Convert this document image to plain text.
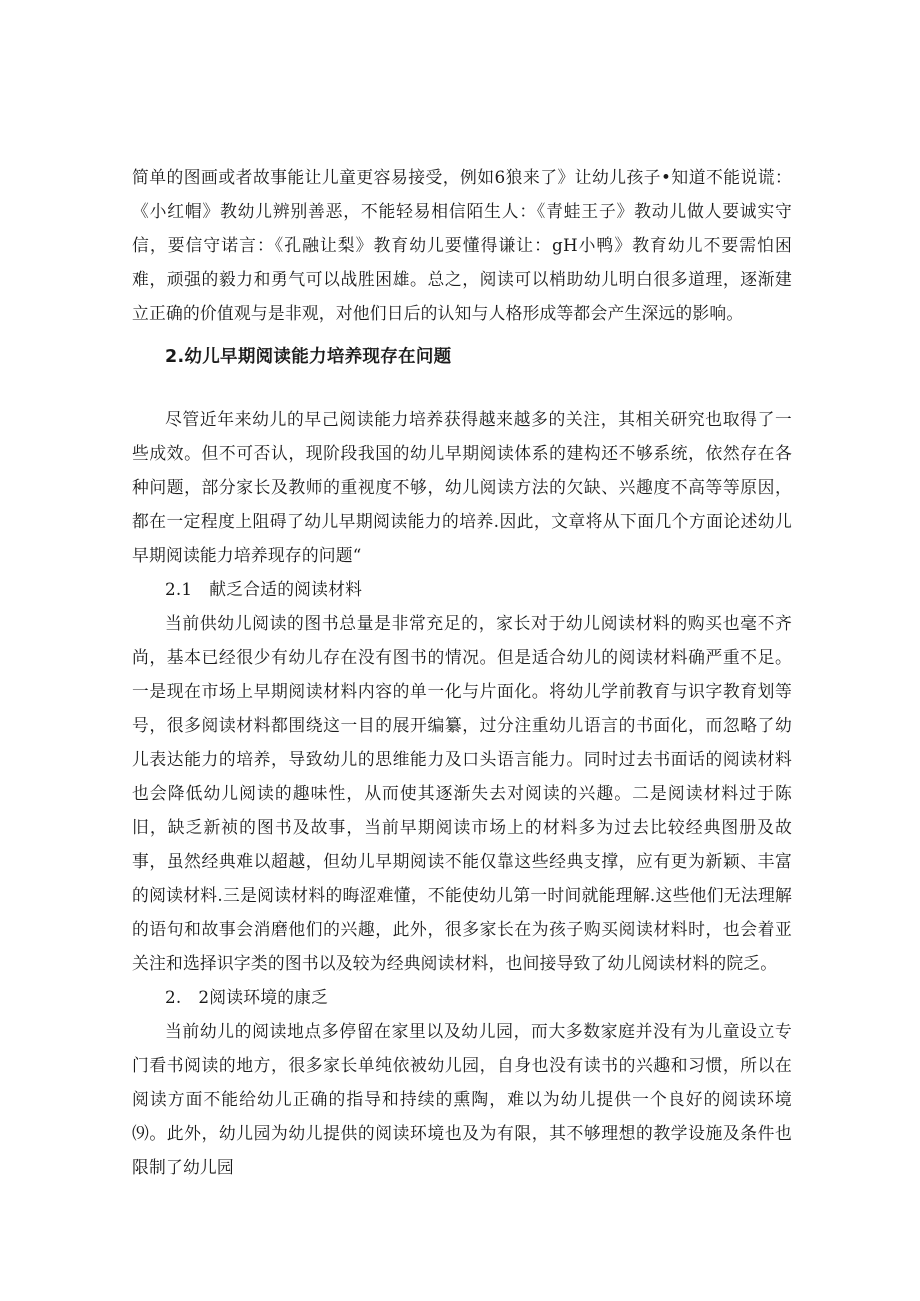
简单的图画或者故事能让儿童更容易接受，例如6狼来了》让幼儿孩子•知道不能说谎：《小红帽》教幼儿辨别善恶，不能轻易相信陌生人：《青蛙王子》教动儿做人要诚实守信，要信守诺言：《孔融让梨》教育幼儿要懂得谦让：gH小鸭》教育幼儿不要需怕困难，顽强的毅力和勇气可以战胜困雄。总之，阅读可以梢助幼儿明白很多道理，逐渐建立正确的价值观与是非观，对他们日后的认知与人格形成等都会产生深远的影响。

2.幼儿早期阅读能力培养现存在问题

尽管近年来幼儿的早己阅读能力培养获得越来越多的关注，其相关研究也取得了一些成效。但不可否认，现阶段我国的幼儿早期阅读体系的建构还不够系统，依然存在各种问题，部分家长及教师的重视度不够，幼儿阅读方法的欠缺、兴趣度不高等等原因，都在一定程度上阻碍了幼儿早期阅读能力的培养.因此，文章将从下面几个方面论述幼儿早期阅读能力培养现存的问题“

2.1　献乏合适的阅读材料

当前供幼儿阅读的图书总量是非常充足的，家长对于幼儿阅读材料的购买也毫不齐尚，基本已经很少有幼儿存在没有图书的情况。但是适合幼儿的阅读材料确严重不足。一是现在市场上早期阅读材料内容的单一化与片面化。将幼儿学前教育与识字教育划等号，很多阅读材料都围绕这一目的展开编纂，过分注重幼儿语言的书面化，而忽略了幼儿表达能力的培养，导致幼儿的思维能力及口头语言能力。同时过去书面话的阅读材料也会降低幼儿阅读的趣味性，从而使其逐渐失去对阅读的兴趣。二是阅读材料过于陈旧，缺乏新祯的图书及故事，当前早期阅读市场上的材料多为过去比较经典图册及故事，虽然经典难以超越，但幼儿早期阅读不能仅靠这些经典支撑，应有更为新颖、丰富的阅读材料.三是阅读材料的晦涩难懂，不能使幼儿第一时间就能理解.这些他们无法理解的语句和故事会消磨他们的兴趣，此外，很多家长在为孩子购买阅读材料时，也会着亚关注和选择识字类的图书以及较为经典阅读材料，也间接导致了幼儿阅读材料的院乏。

2.　2阅读环境的康乏

当前幼儿的阅读地点多停留在家里以及幼儿园，而大多数家庭并没有为儿童设立专门看书阅读的地方，很多家长单纯依被幼儿园，自身也没有读书的兴趣和习惯，所以在阅读方面不能给幼儿正确的指导和持续的熏陶，难以为幼儿提供一个良好的阅读环境⑼。此外，幼儿园为幼儿提供的阅读环境也及为有限，其不够理想的教学设施及条件也限制了幼儿园
